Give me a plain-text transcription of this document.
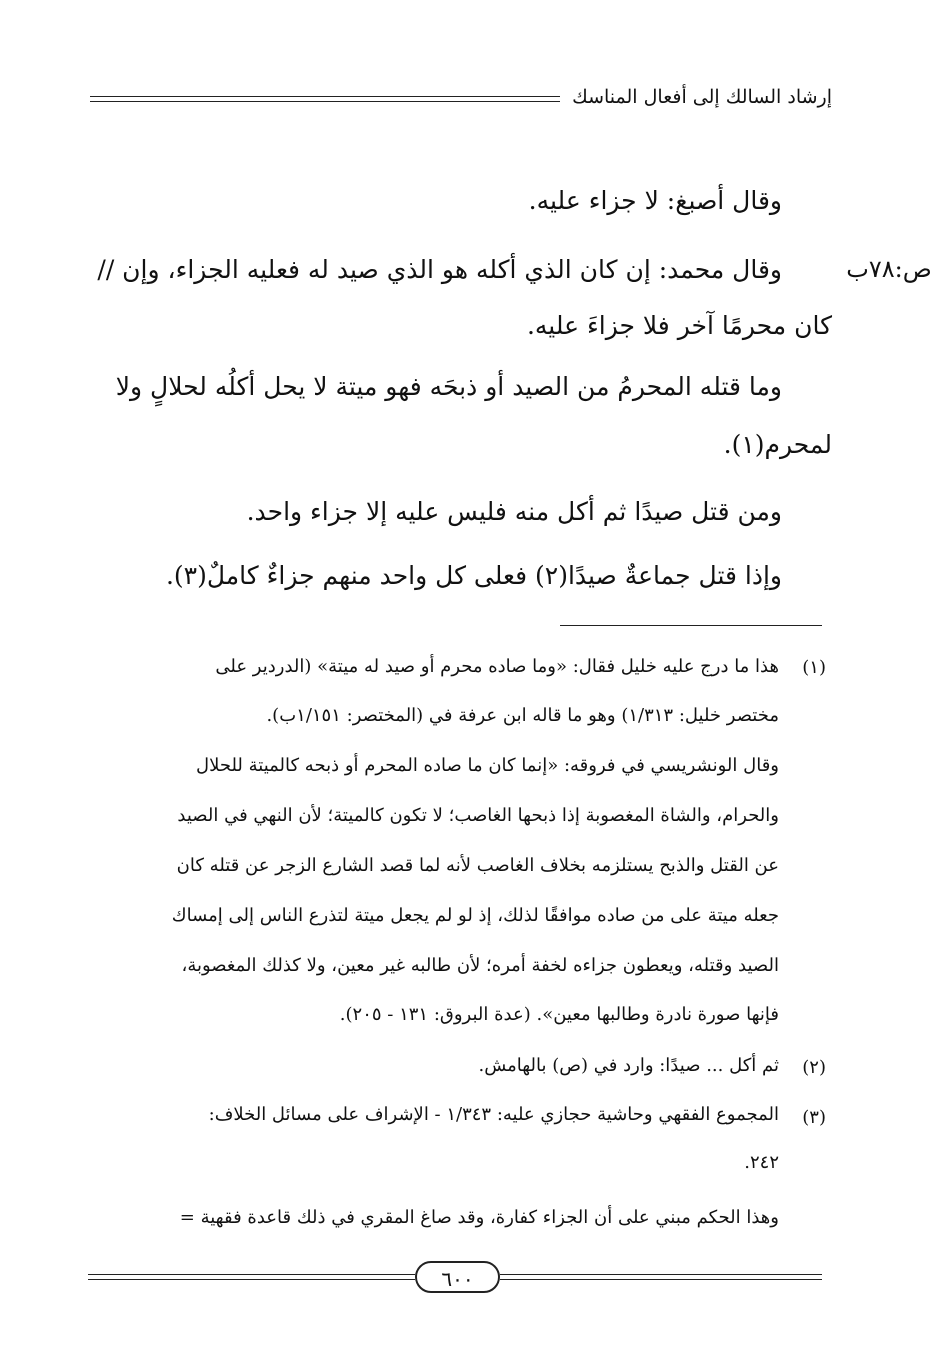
إرشاد السالك إلى أفعال المناسك
ص:٧٨ب
وقال أصبغ: لا جزاء عليه.
وقال محمد: إن كان الذي أكله هو الذي صيد له فعليه الجزاء، وإن //
كان محرمًا آخر فلا جزاءَ عليه.
وما قتله المحرمُ من الصيد أو ذبحَه فهو ميتة لا يحل أكلُه لحلالٍ ولا
لمحرم(١).
ومن قتل صيدًا ثم أكل منه فليس عليه إلا جزاء واحد.
وإذا قتل جماعةٌ صيدًا(٢) فعلى كل واحد منهم جزاءٌ كاملٌ(٣).
(١)
هذا ما درج عليه خليل فقال: «وما صاده محرم أو صيد له ميتة» (الدردير على
مختصر خليل: ١/٣١٣) وهو ما قاله ابن عرفة في (المختصر: ١/١٥١ب).
وقال الونشريسي في فروقه: «إنما كان ما صاده المحرم أو ذبحه كالميتة للحلال
والحرام، والشاة المغصوبة إذا ذبحها الغاصب؛ لا تكون كالميتة؛ لأن النهي في الصيد
عن القتل والذبح يستلزمه بخلاف الغاصب لأنه لما قصد الشارع الزجر عن قتله كان
جعله ميتة على من صاده موافقًا لذلك، إذ لو لم يجعل ميتة لتذرع الناس إلى إمساك
الصيد وقتله، ويعطون جزاءه لخفة أمره؛ لأن طالبه غير معين، ولا كذلك المغصوبة،
فإنها صورة نادرة وطالبها معين». (عدة البروق: ١٣١ - ٢٠٥).
(٢)
ثم أكل ... صيدًا: وارد في (ص) بالهامش.
(٣)
المجموع الفقهي وحاشية حجازي عليه: ١/٣٤٣ - الإشراف على مسائل الخلاف:
٢٤٢.
وهذا الحكم مبني على أن الجزاء كفارة، وقد صاغ المقري في ذلك قاعدة فقهية =
٦٠٠
